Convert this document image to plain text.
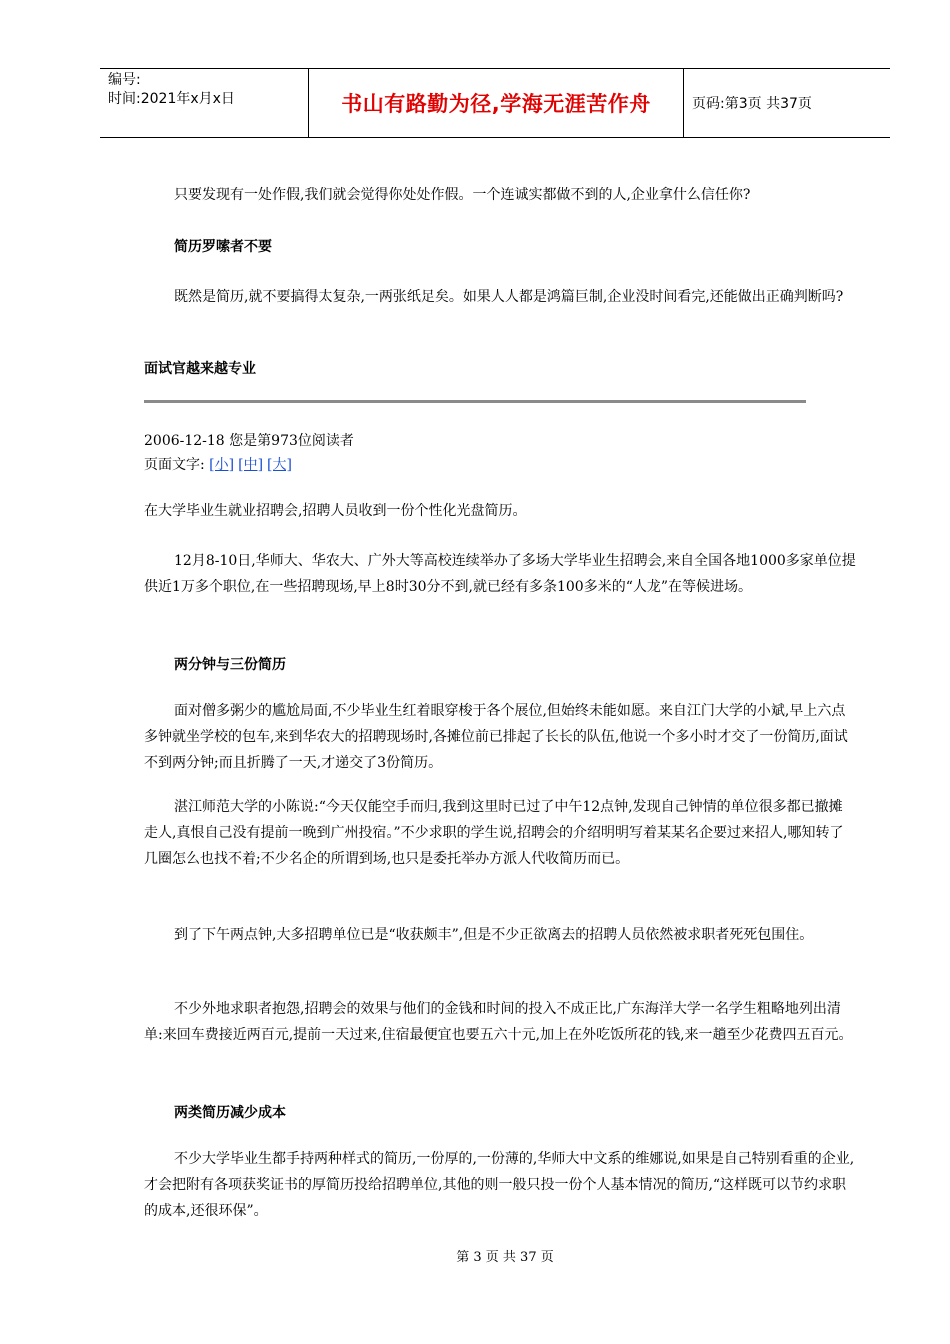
编号:
时间:2021年x月x日	书山有路勤为径,学海无涯苦作舟	页码:第3页 共37页

只要发现有一处作假,我们就会觉得你处处作假。一个连诚实都做不到的人,企业拿什么信任你?

简历罗嗦者不要

既然是简历,就不要搞得太复杂,一两张纸足矣。如果人人都是鸿篇巨制,企业没时间看完,还能做出正确判断吗?

面试官越来越专业
2006-12-18 您是第973位阅读者
页面文字: [小] [中] [大]

在大学毕业生就业招聘会,招聘人员收到一份个性化光盘简历。

12月8-10日,华师大、华农大、广外大等高校连续举办了多场大学毕业生招聘会,来自全国各地1000多家单位提供近1万多个职位,在一些招聘现场,早上8时30分不到,就已经有多条100多米的“人龙”在等候进场。

两分钟与三份简历

面对僧多粥少的尴尬局面,不少毕业生红着眼穿梭于各个展位,但始终未能如愿。来自江门大学的小斌,早上六点多钟就坐学校的包车,来到华农大的招聘现场时,各摊位前已排起了长长的队伍,他说一个多小时才交了一份简历,面试不到两分钟;而且折腾了一天,才递交了3份简历。

湛江师范大学的小陈说:“今天仅能空手而归,我到这里时已过了中午12点钟,发现自己钟情的单位很多都已撤摊走人,真恨自己没有提前一晚到广州投宿。”不少求职的学生说,招聘会的介绍明明写着某某名企要过来招人,哪知转了几圈怎么也找不着;不少名企的所谓到场,也只是委托举办方派人代收简历而已。

到了下午两点钟,大多招聘单位已是“收获颇丰”,但是不少正欲离去的招聘人员依然被求职者死死包围住。

不少外地求职者抱怨,招聘会的效果与他们的金钱和时间的投入不成正比,广东海洋大学一名学生粗略地列出清单:来回车费接近两百元,提前一天过来,住宿最便宜也要五六十元,加上在外吃饭所花的钱,来一趟至少花费四五百元。

两类简历减少成本

不少大学毕业生都手持两种样式的简历,一份厚的,一份薄的,华师大中文系的维娜说,如果是自己特别看重的企业,才会把附有各项获奖证书的厚简历投给招聘单位,其他的则一般只投一份个人基本情况的简历,“这样既可以节约求职的成本,还很环保”。

第 3 页 共 37 页
